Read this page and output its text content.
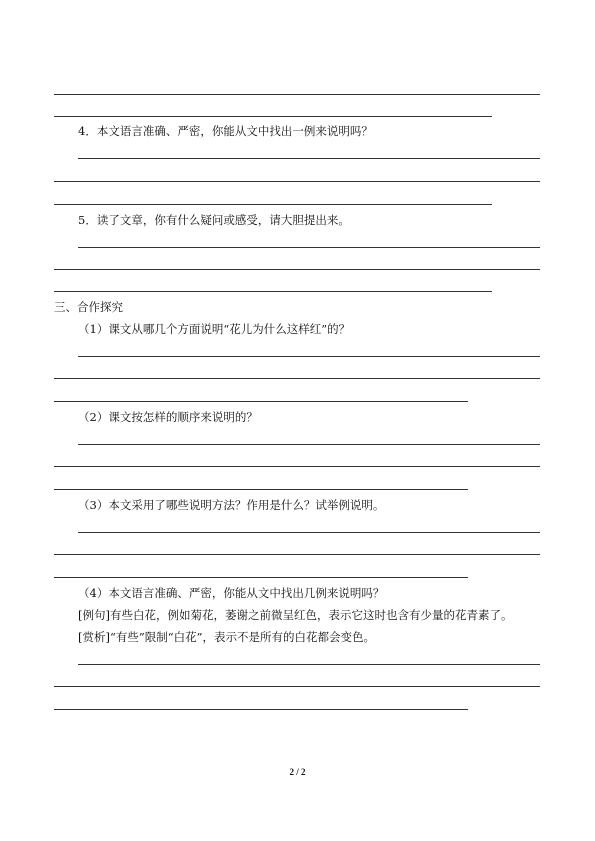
4．本文语言准确、严密，你能从文中找出一例来说明吗？
5．读了文章，你有什么疑问或感受，请大胆提出来。
三、合作探究
（1）课文从哪几个方面说明“花儿为什么这样红”的？
（2）课文按怎样的顺序来说明的？
（3）本文采用了哪些说明方法？作用是什么？试举例说明。
（4）本文语言准确、严密，你能从文中找出几例来说明吗？
[例句]有些白花，例如菊花，萎谢之前微呈红色，表示它这时也含有少量的花青素了。
[赏析]“有些”限制“白花”，表示不是所有的白花都会变色。
2 / 2
